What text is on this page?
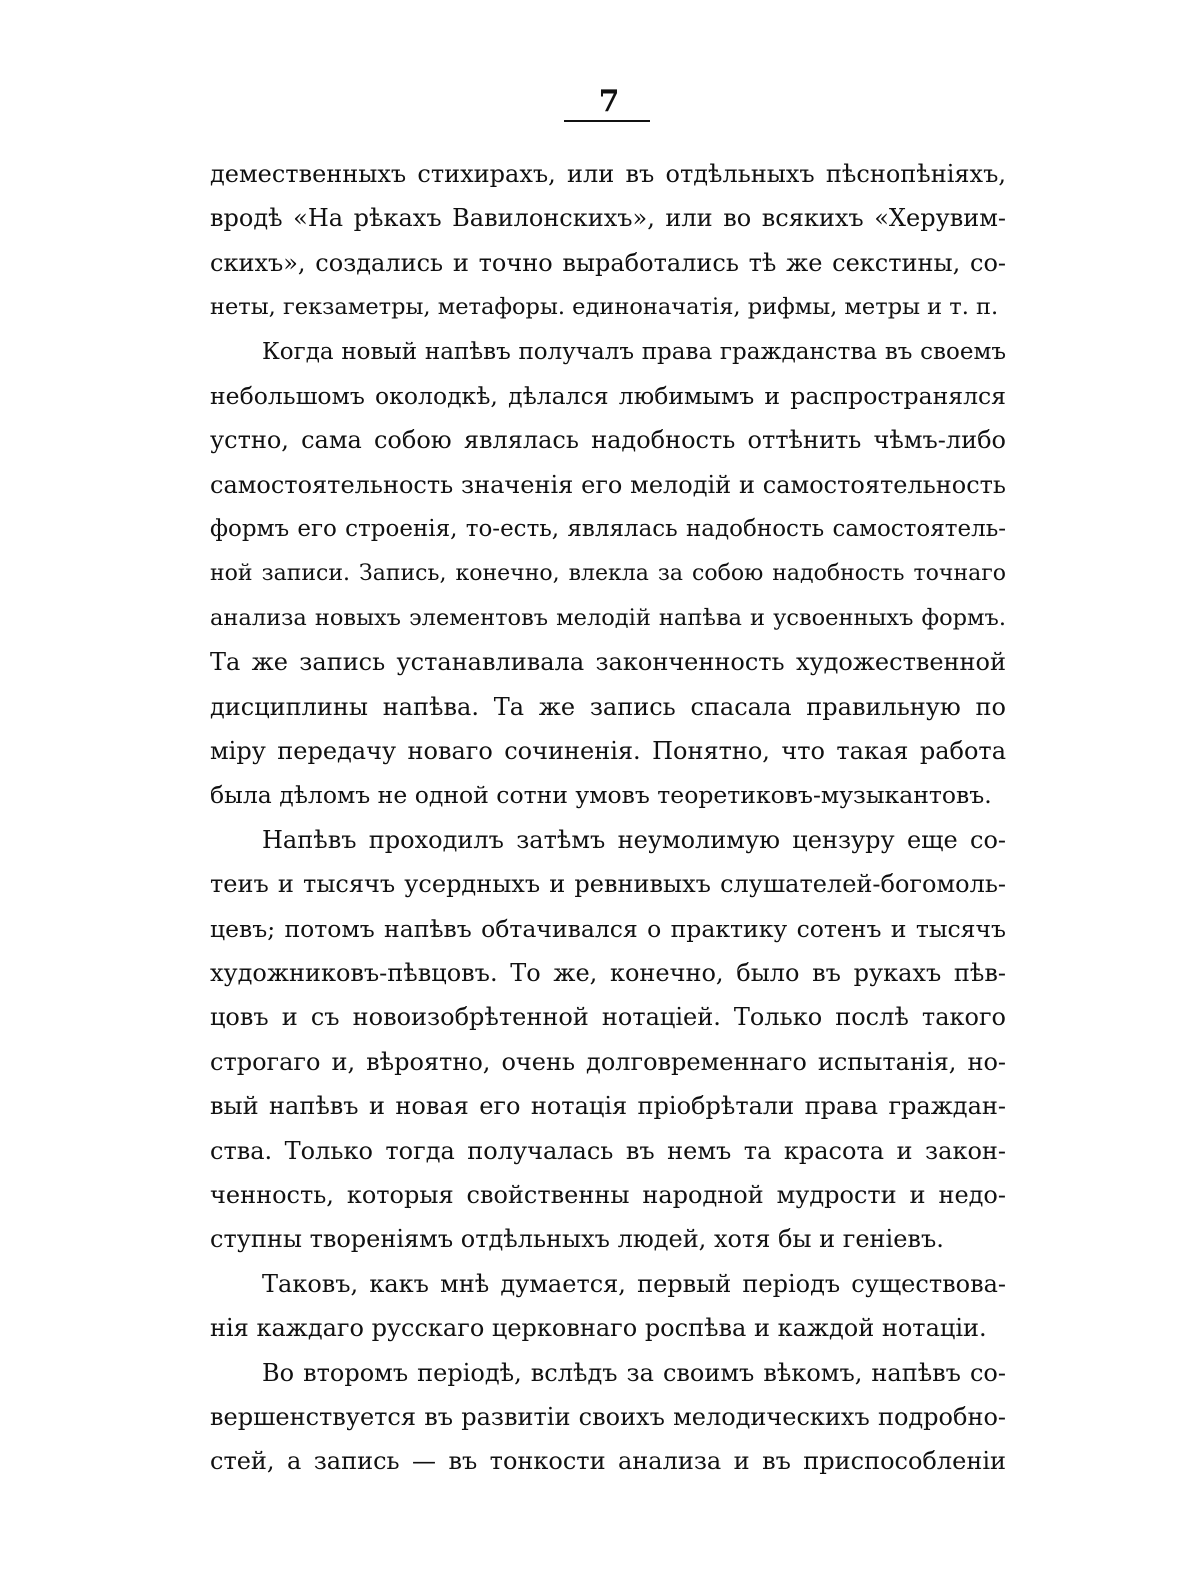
7
демественныхъ стихирахъ, или въ отдѣльныхъ пѣснопѣніяхъ,
вродѣ «На рѣкахъ Вавилонскихъ», или во всякихъ «Херувим-
скихъ», создались и точно выработались тѣ же секстины, со-
неты, гекзаметры, метафоры. единоначатія, рифмы, метры и т. п.
Когда новый напѣвъ получалъ права гражданства въ своемъ
небольшомъ околодкѣ, дѣлался любимымъ и распространялся
устно, сама собою являлась надобность оттѣнить чѣмъ-либо
самостоятельность значенія его мелодій и самостоятельность
формъ его строенія, то-есть, являлась надобность самостоятель-
ной записи. Запись, конечно, влекла за собою надобность точнаго
анализа новыхъ элементовъ мелодій напѣва и усвоенныхъ формъ.
Та же запись устанавливала законченность художественной
дисциплины напѣва. Та же запись спасала правильную по
міру передачу новаго сочиненія. Понятно, что такая работа
была дѣломъ не одной сотни умовъ теоретиковъ-музыкантовъ.
Напѣвъ проходилъ затѣмъ неумолимую цензуру еще со-
теиъ и тысячъ усердныхъ и ревнивыхъ слушателей-богомоль-
цевъ; потомъ напѣвъ обтачивался о практику сотенъ и тысячъ
художниковъ-пѣвцовъ. То же, конечно, было въ рукахъ пѣв-
цовъ и съ новоизобрѣтенной нотаціей. Только послѣ такого
строгаго и, вѣроятно, очень долговременнаго испытанія, но-
вый напѣвъ и новая его нотація пріобрѣтали права граждан-
ства. Только тогда получалась въ немъ та красота и закон-
ченность, которыя свойственны народной мудрости и недо-
ступны твореніямъ отдѣльныхъ людей, хотя бы и геніевъ.
Таковъ, какъ мнѣ думается, первый періодъ существова-
нія каждаго русскаго церковнаго роспѣва и каждой нотаціи.
Во второмъ періодѣ, вслѣдъ за своимъ вѣкомъ, напѣвъ со-
вершенствуется въ развитіи своихъ мелодическихъ подробно-
стей, а запись — въ тонкости анализа и въ приспособленіи
